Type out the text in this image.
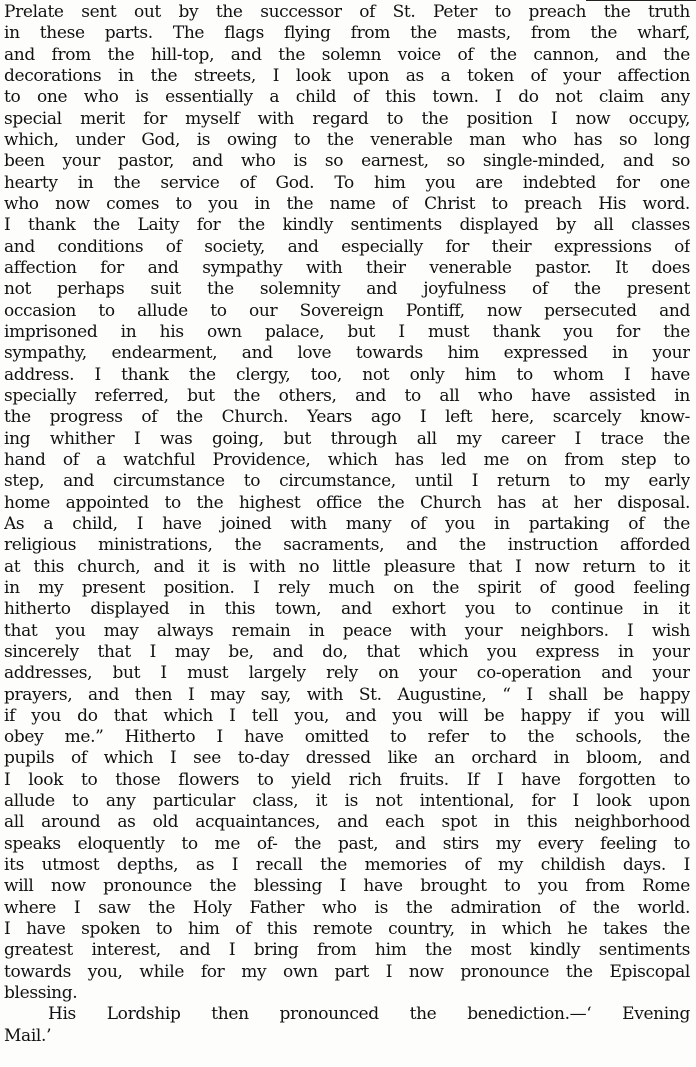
Prelate sent out by the successor of St. Peter to preach the truth
in these parts. The flags flying from the masts, from the wharf,
and from the hill-top, and the solemn voice of the cannon, and the
decorations in the streets, I look upon as a token of your affection
to one who is essentially a child of this town. I do not claim any
special merit for myself with regard to the position I now occupy,
which, under God, is owing to the venerable man who has so long
been your pastor, and who is so earnest, so single-minded, and so
hearty in the service of God. To him you are indebted for one
who now comes to you in the name of Christ to preach His word.
I thank the Laity for the kindly sentiments displayed by all classes
and conditions of society, and especially for their expressions of
affection for and sympathy with their venerable pastor. It does
not perhaps suit the solemnity and joyfulness of the present
occasion to allude to our Sovereign Pontiff, now persecuted and
imprisoned in his own palace, but I must thank you for the
sympathy, endearment, and love towards him expressed in your
address. I thank the clergy, too, not only him to whom I have
specially referred, but the others, and to all who have assisted in
the progress of the Church. Years ago I left here, scarcely know-
ing whither I was going, but through all my career I trace the
hand of a watchful Providence, which has led me on from step to
step, and circumstance to circumstance, until I return to my early
home appointed to the highest office the Church has at her disposal.
As a child, I have joined with many of you in partaking of the
religious ministrations, the sacraments, and the instruction afforded
at this church, and it is with no little pleasure that I now return to it
in my present position. I rely much on the spirit of good feeling
hitherto displayed in this town, and exhort you to continue in it
that you may always remain in peace with your neighbors. I wish
sincerely that I may be, and do, that which you express in your
addresses, but I must largely rely on your co-operation and your
prayers, and then I may say, with St. Augustine, “ I shall be happy
if you do that which I tell you, and you will be happy if you will
obey me.” Hitherto I have omitted to refer to the schools, the
pupils of which I see to-day dressed like an orchard in bloom, and
I look to those flowers to yield rich fruits. If I have forgotten to
allude to any particular class, it is not intentional, for I look upon
all around as old acquaintances, and each spot in this neighborhood
speaks eloquently to me of- the past, and stirs my every feeling to
its utmost depths, as I recall the memories of my childish days. I
will now pronounce the blessing I have brought to you from Rome
where I saw the Holy Father who is the admiration of the world.
I have spoken to him of this remote country, in which he takes the
greatest interest, and I bring from him the most kindly sentiments
towards you, while for my own part I now pronounce the Episcopal
blessing.
His Lordship then pronounced the benediction.—‘ Evening
Mail.’
